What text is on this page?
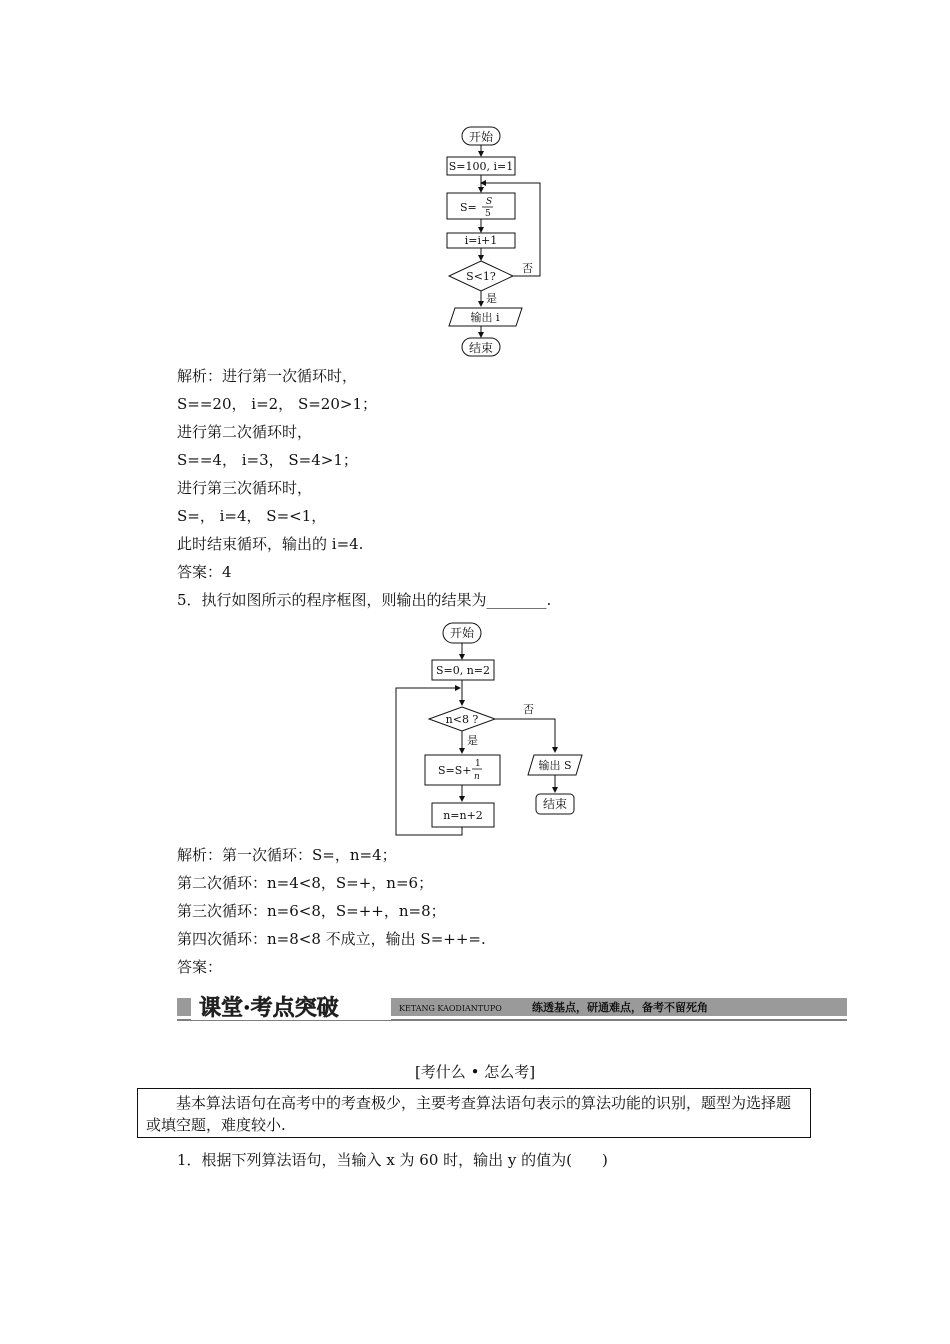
开始
S=100, i=1
S= S
5
i=i+1
S<1?
否
是
输出 i
结束
解析：进行第一次循环时，
S==20， i=2， S=20>1；
进行第二次循环时，
S==4， i=3， S=4>1；
进行第三次循环时，
S=， i=4， S=<1，
此时结束循环，输出的 i=4.
答案：4
5．执行如图所示的程序框图，则输出的结果为________.
开始
S=0, n=2
n<8 ?
否
是
S=S+ 1
n
n=n+2
输出 S
结束
解析：第一次循环：S=，n=4；
第二次循环：n=4<8，S=+，n=6；
第三次循环：n=6<8，S=++，n=8；
第四次循环：n=8<8 不成立，输出 S=++=.
答案：
课堂·考点突破	KETANG KAODIANTUPO	练透基点，研通难点，备考不留死角
[考什么 • 怎么考]
基本算法语句在高考中的考查极少，主要考查算法语句表示的算法功能的识别，题型为选择题或填空题，难度较小.
1．根据下列算法语句，当输入 x 为 60 时，输出 y 的值为(　　)
